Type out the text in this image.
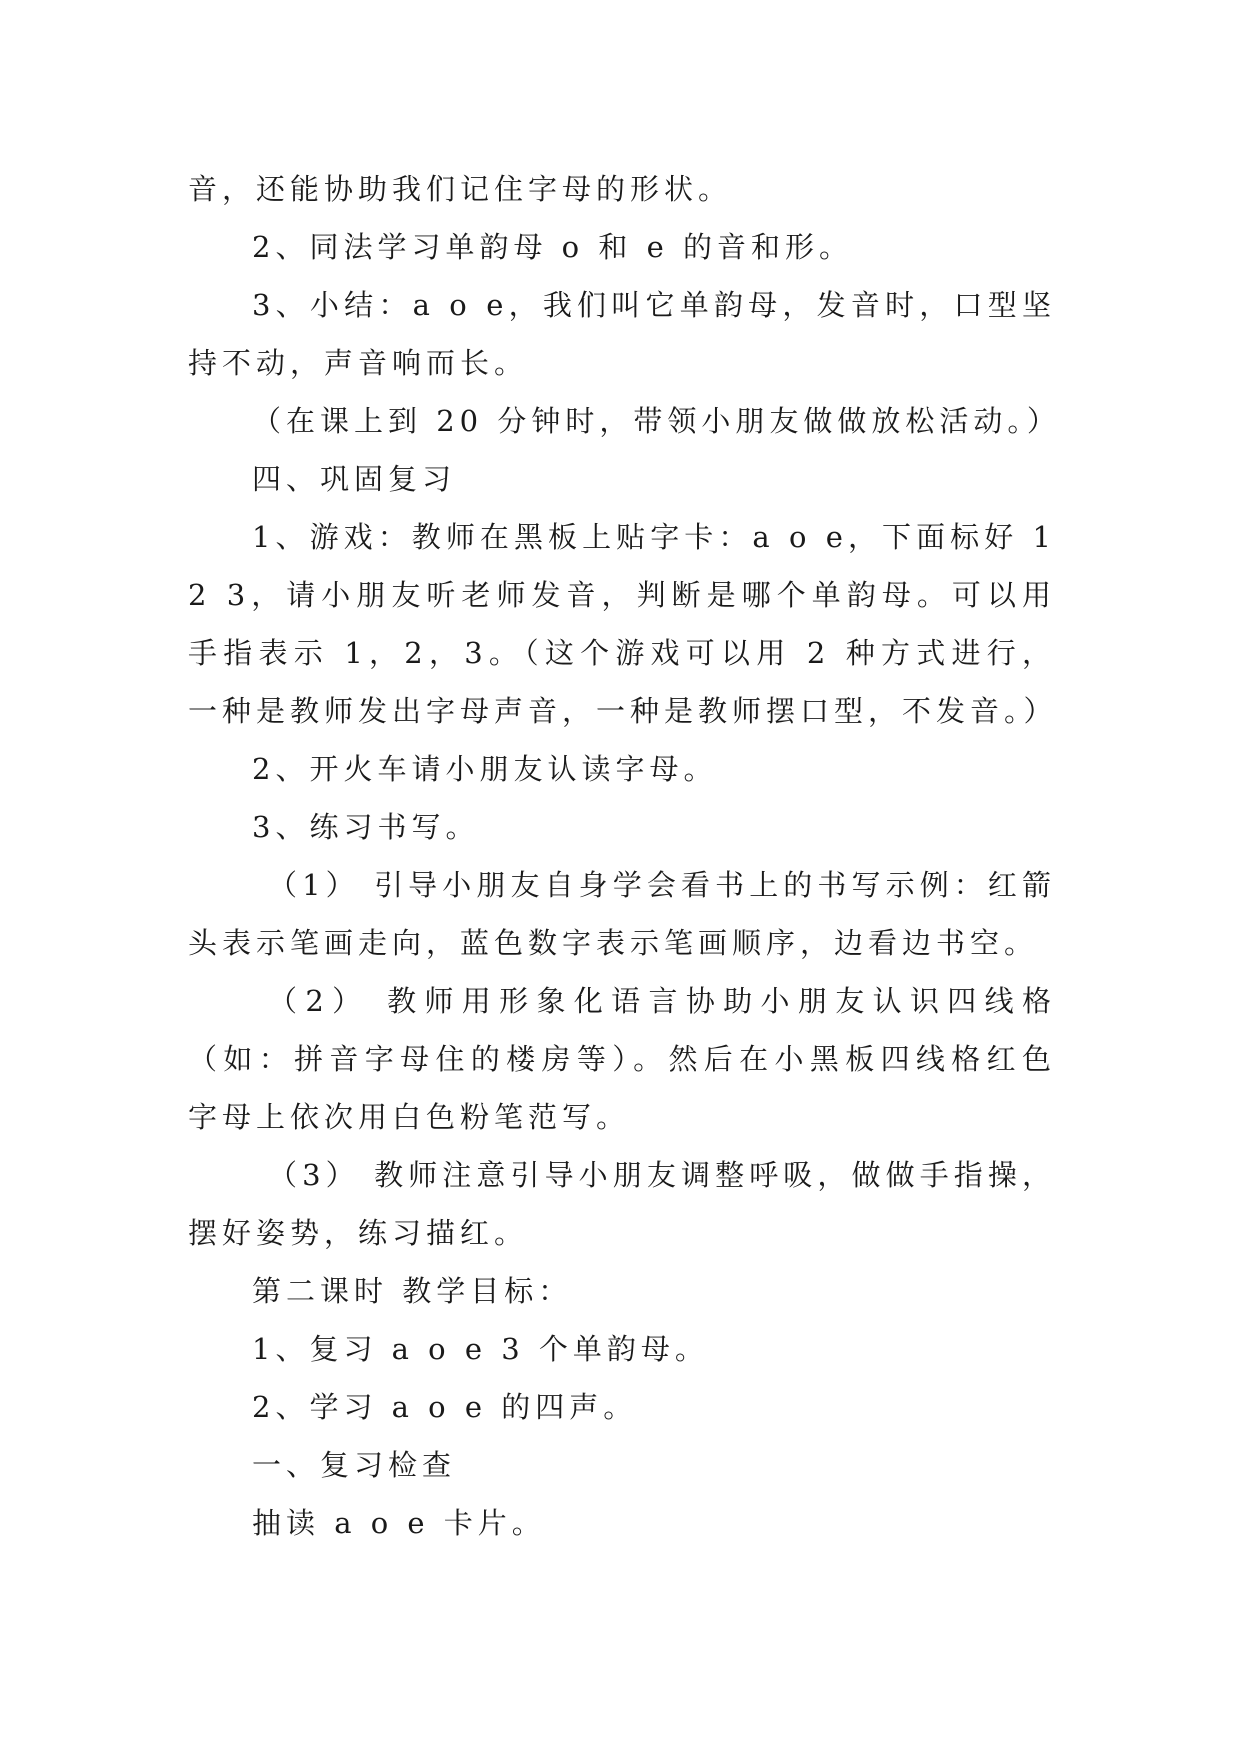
音，还能协助我们记住字母的形状。

2、同法学习单韵母 o 和 e 的音和形。

3、小结：a o e，我们叫它单韵母，发音时，口型坚持不动，声音响而长。

（在课上到 20 分钟时，带领小朋友做做放松活动。）

四、巩固复习

1、游戏：教师在黑板上贴字卡：a o e，下面标好 1 2 3，请小朋友听老师发音，判断是哪个单韵母。可以用手指表示 1，2，3。（这个游戏可以用 2 种方式进行，一种是教师发出字母声音，一种是教师摆口型，不发音。）

2、开火车请小朋友认读字母。

3、练习书写。

（1） 引导小朋友自身学会看书上的书写示例：红箭头表示笔画走向，蓝色数字表示笔画顺序，边看边书空。

（2） 教师用形象化语言协助小朋友认识四线格（如：拼音字母住的楼房等）。然后在小黑板四线格红色字母上依次用白色粉笔范写。

（3） 教师注意引导小朋友调整呼吸，做做手指操，摆好姿势，练习描红。

第二课时 教学目标：

1、复习 a o e 3 个单韵母。

2、学习 a o e 的四声。

一、复习检查

抽读 a o e 卡片。
